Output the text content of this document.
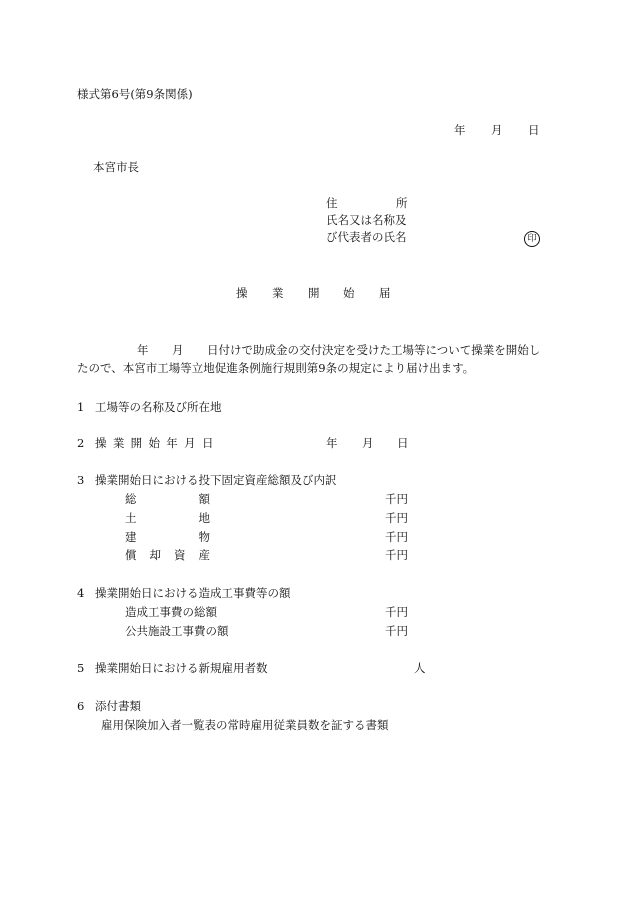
様式第6号(第9条関係)
年 月 日
本宮市長
住	所
氏名又は名称及
び代表者の氏名	印
操 業 開 始 届
年 月 日付けで助成金の交付決定を受けた工場等について操業を開始し
たので、本宮市工場等立地促進条例施行規則第9条の規定により届け出ます。
1 工場等の名称及び所在地
2 操業開始年月日	年 月 日
3 操業開始日における投下固定資産総額及び内訳
総　　額	千円
土　　地	千円
建　　物	千円
償 却 資 産	千円
4 操業開始日における造成工事費等の額
造成工事費の総額	千円
公共施設工事費の額	千円
5 操業開始日における新規雇用者数	人
6 添付書類
雇用保険加入者一覧表の常時雇用従業員数を証する書類
